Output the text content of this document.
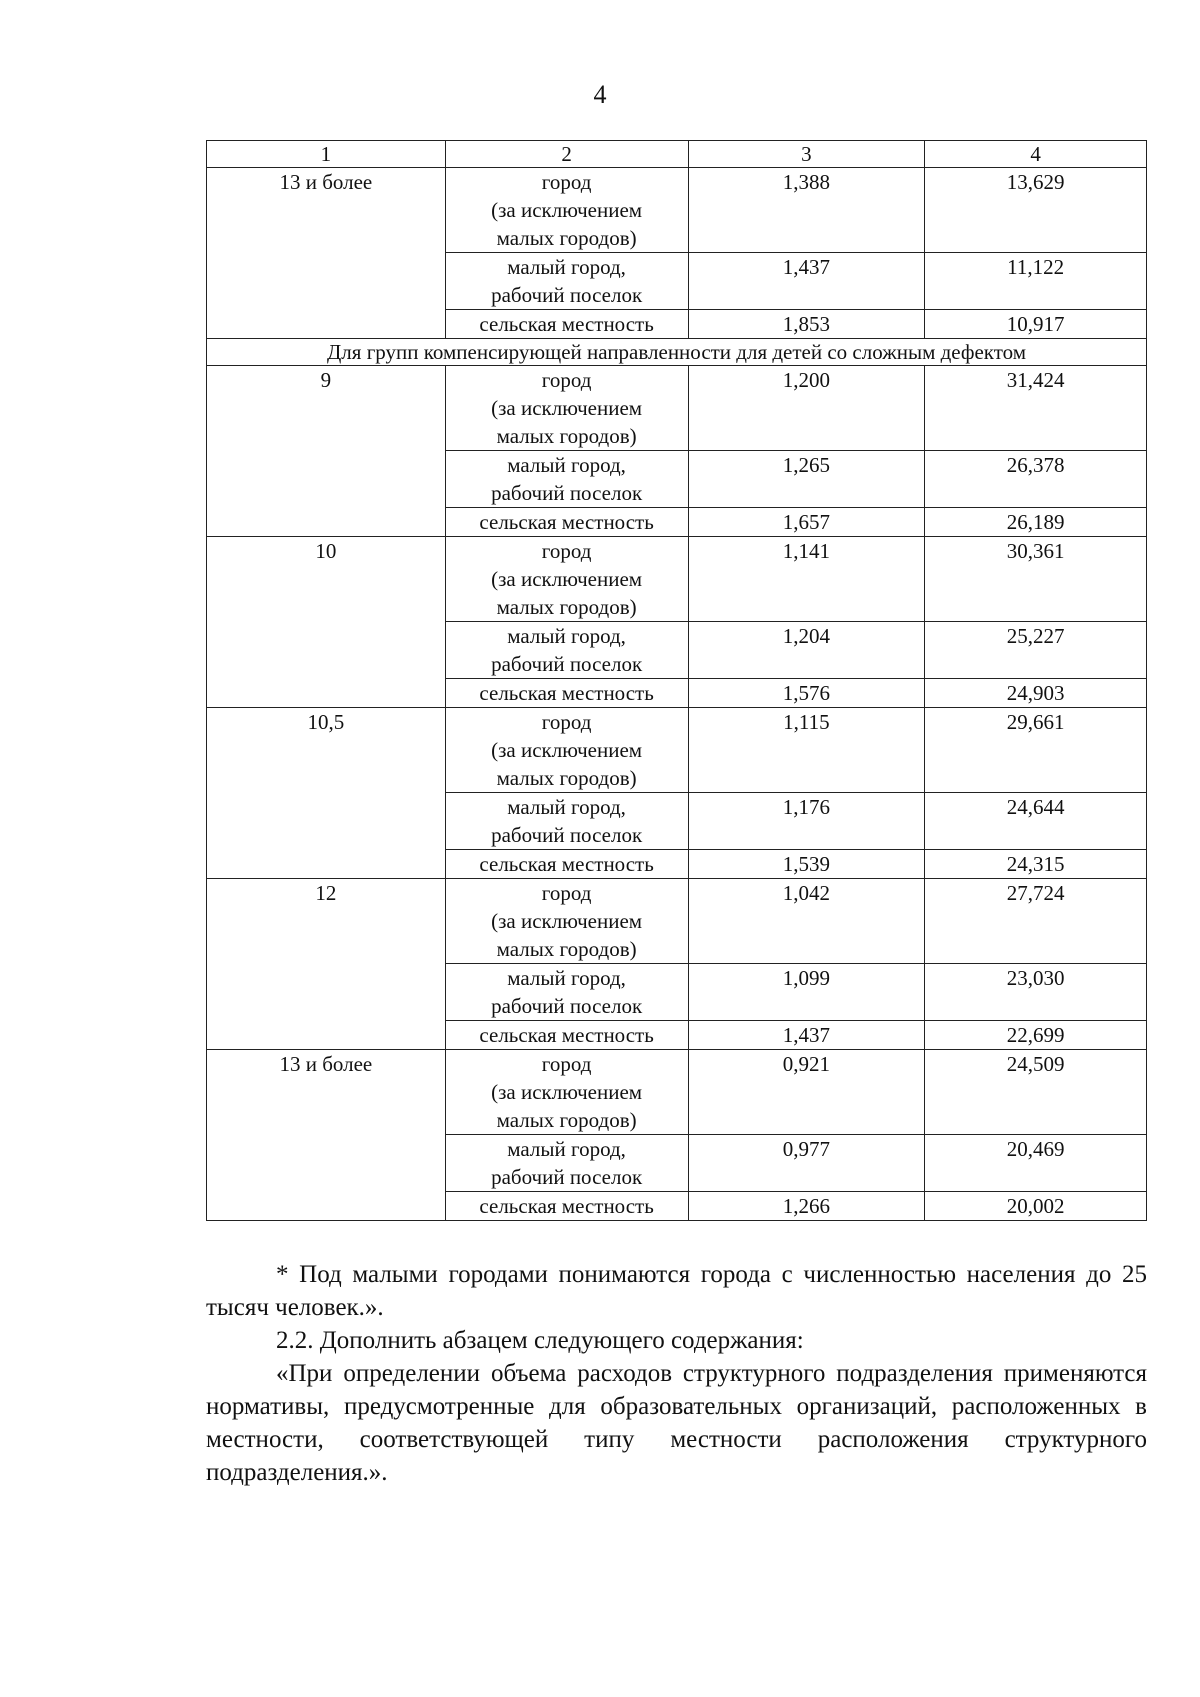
4
1	2	3	4
13 и более	город
(за исключением
малых городов)	1,388	13,629
	малый город,
рабочий поселок	1,437	11,122
	сельская местность	1,853	10,917
Для групп компенсирующей направленности для детей со сложным дефектом			
9	город
(за исключением
малых городов)	1,200	31,424
	малый город,
рабочий поселок	1,265	26,378
	сельская местность	1,657	26,189
10	город
(за исключением
малых городов)	1,141	30,361
	малый город,
рабочий поселок	1,204	25,227
	сельская местность	1,576	24,903
10,5	город
(за исключением
малых городов)	1,115	29,661
	малый город,
рабочий поселок	1,176	24,644
	сельская местность	1,539	24,315
12	город
(за исключением
малых городов)	1,042	27,724
	малый город,
рабочий поселок	1,099	23,030
	сельская местность	1,437	22,699
13 и более	город
(за исключением
малых городов)	0,921	24,509
	малый город,
рабочий поселок	0,977	20,469
	сельская местность	1,266	20,002

* Под малыми городами понимаются города с численностью населения до 25 тысяч человек.».

2.2. Дополнить абзацем следующего содержания:

«При определении объема расходов структурного подразделения применяются нормативы, предусмотренные для образовательных организаций, расположенных в местности, соответствующей типу местности расположения структурного подразделения.».
